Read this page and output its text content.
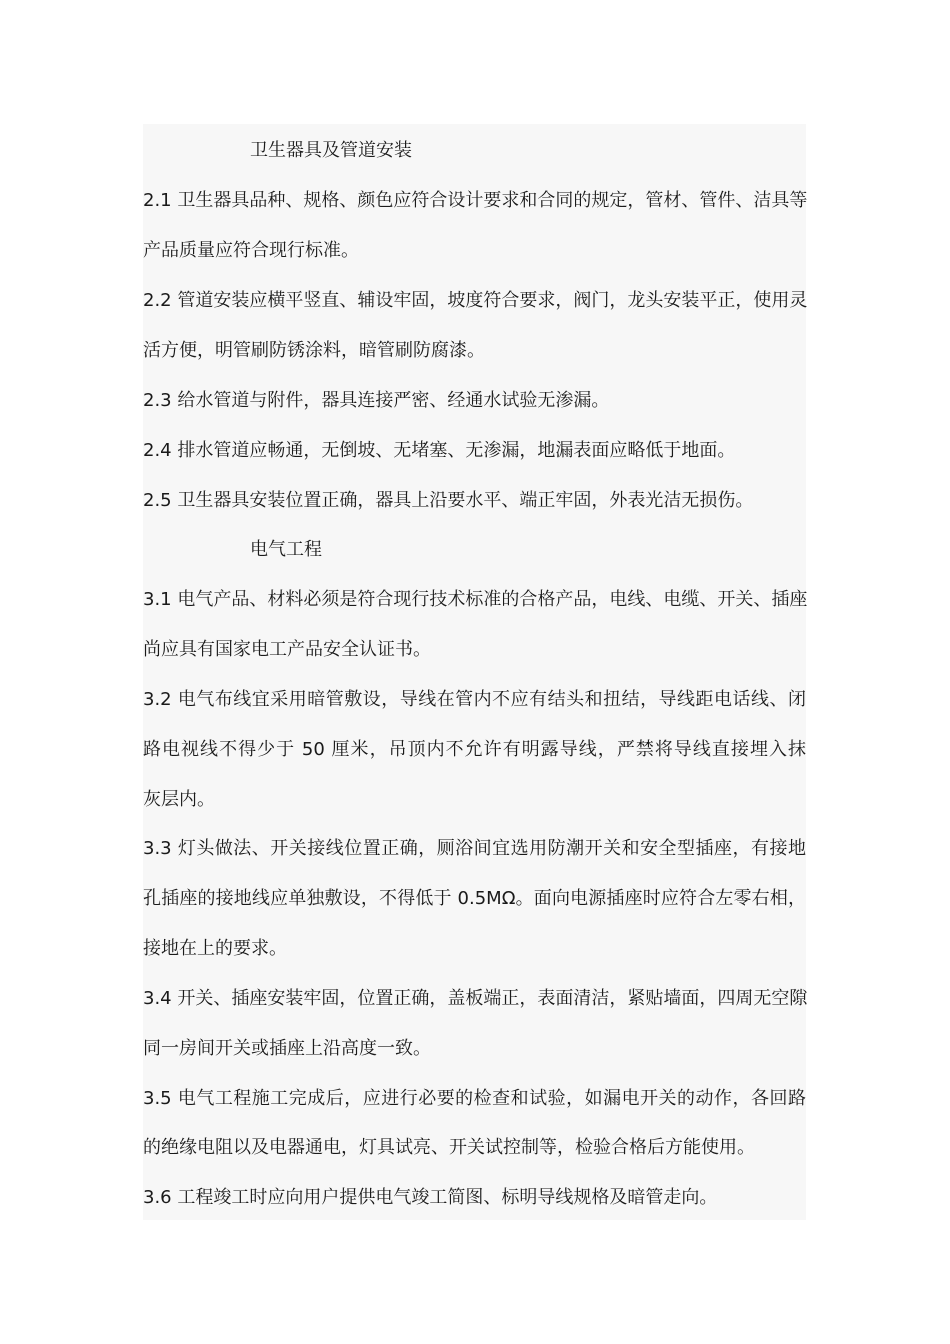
卫生器具及管道安装
2.1 卫生器具品种、规格、颜色应符合设计要求和合同的规定，管材、管件、洁具等
产品质量应符合现行标准。
2.2 管道安装应横平竖直、辅设牢固，坡度符合要求，阀门，龙头安装平正，使用灵
活方便，明管刷防锈涂料，暗管刷防腐漆。
2.3 给水管道与附件，器具连接严密、经通水试验无渗漏。
2.4 排水管道应畅通，无倒坡、无堵塞、无渗漏，地漏表面应略低于地面。
2.5 卫生器具安装位置正确，器具上沿要水平、端正牢固，外表光洁无损伤。
电气工程
3.1 电气产品、材料必须是符合现行技术标准的合格产品，电线、电缆、开关、插座
尚应具有国家电工产品安全认证书。
3.2 电气布线宜采用暗管敷设，导线在管内不应有结头和扭结，导线距电话线、闭
路电视线不得少于 50 厘米，吊顶内不允许有明露导线，严禁将导线直接埋入抹
灰层内。
3.3 灯头做法、开关接线位置正确，厕浴间宜选用防潮开关和安全型插座，有接地
孔插座的接地线应单独敷设，不得低于 0.5MΩ。面向电源插座时应符合左零右相，
接地在上的要求。
3.4 开关、插座安装牢固，位置正确，盖板端正，表面清洁，紧贴墙面，四周无空隙
同一房间开关或插座上沿高度一致。
3.5 电气工程施工完成后，应进行必要的检查和试验，如漏电开关的动作，各回路
的绝缘电阻以及电器通电，灯具试亮、开关试控制等，检验合格后方能使用。
3.6 工程竣工时应向用户提供电气竣工简图、标明导线规格及暗管走向。
